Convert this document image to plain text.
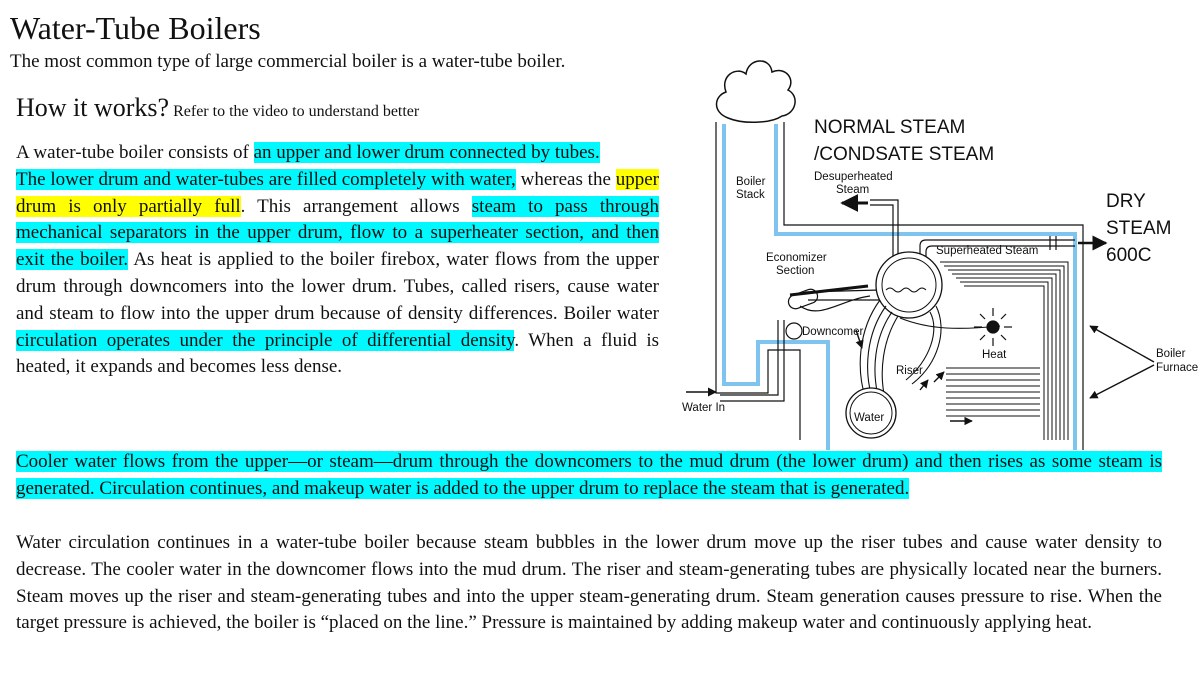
Water-Tube Boilers
The most common type of large commercial boiler is a water-tube boiler.
How it works? Refer to the video to understand better
A water-tube boiler consists of an upper and lower drum connected by tubes.
The lower drum and water-tubes are filled completely with water, whereas the upper drum is only partially full. This arrangement allows steam to pass through mechanical separators in the upper drum, flow to a superheater section, and then exit the boiler. As heat is applied to the boiler firebox, water flows from the upper drum through downcomers into the lower drum. Tubes, called risers, cause water and steam to flow into the upper drum because of density differences. Boiler water circulation operates under the principle of differential density. When a fluid is heated, it expands and becomes less dense.
Cooler water flows from the upper—or steam—drum through the downcomers to the mud drum (the lower drum) and then rises as some steam is generated. Circulation continues, and makeup water is added to the upper drum to replace the steam that is generated.
Water circulation continues in a water-tube boiler because steam bubbles in the lower drum move up the riser tubes and cause water density to decrease. The cooler water in the downcomer flows into the mud drum. The riser and steam-generating tubes are physically located near the burners. Steam moves up the riser and steam-generating tubes and into the upper steam-generating drum. Steam generation causes pressure to rise. When the target pressure is achieved, the boiler is “placed on the line.” Pressure is maintained by adding makeup water and continuously applying heat.
NORMAL STEAM
/CONDSATE STEAM
DRY
STEAM
600C
Boiler
Stack
Desuperheated
Steam
Superheated Steam
Economizer
Section
Downcomer
Riser
Heat
Water
Water In
Boiler
Furnace
